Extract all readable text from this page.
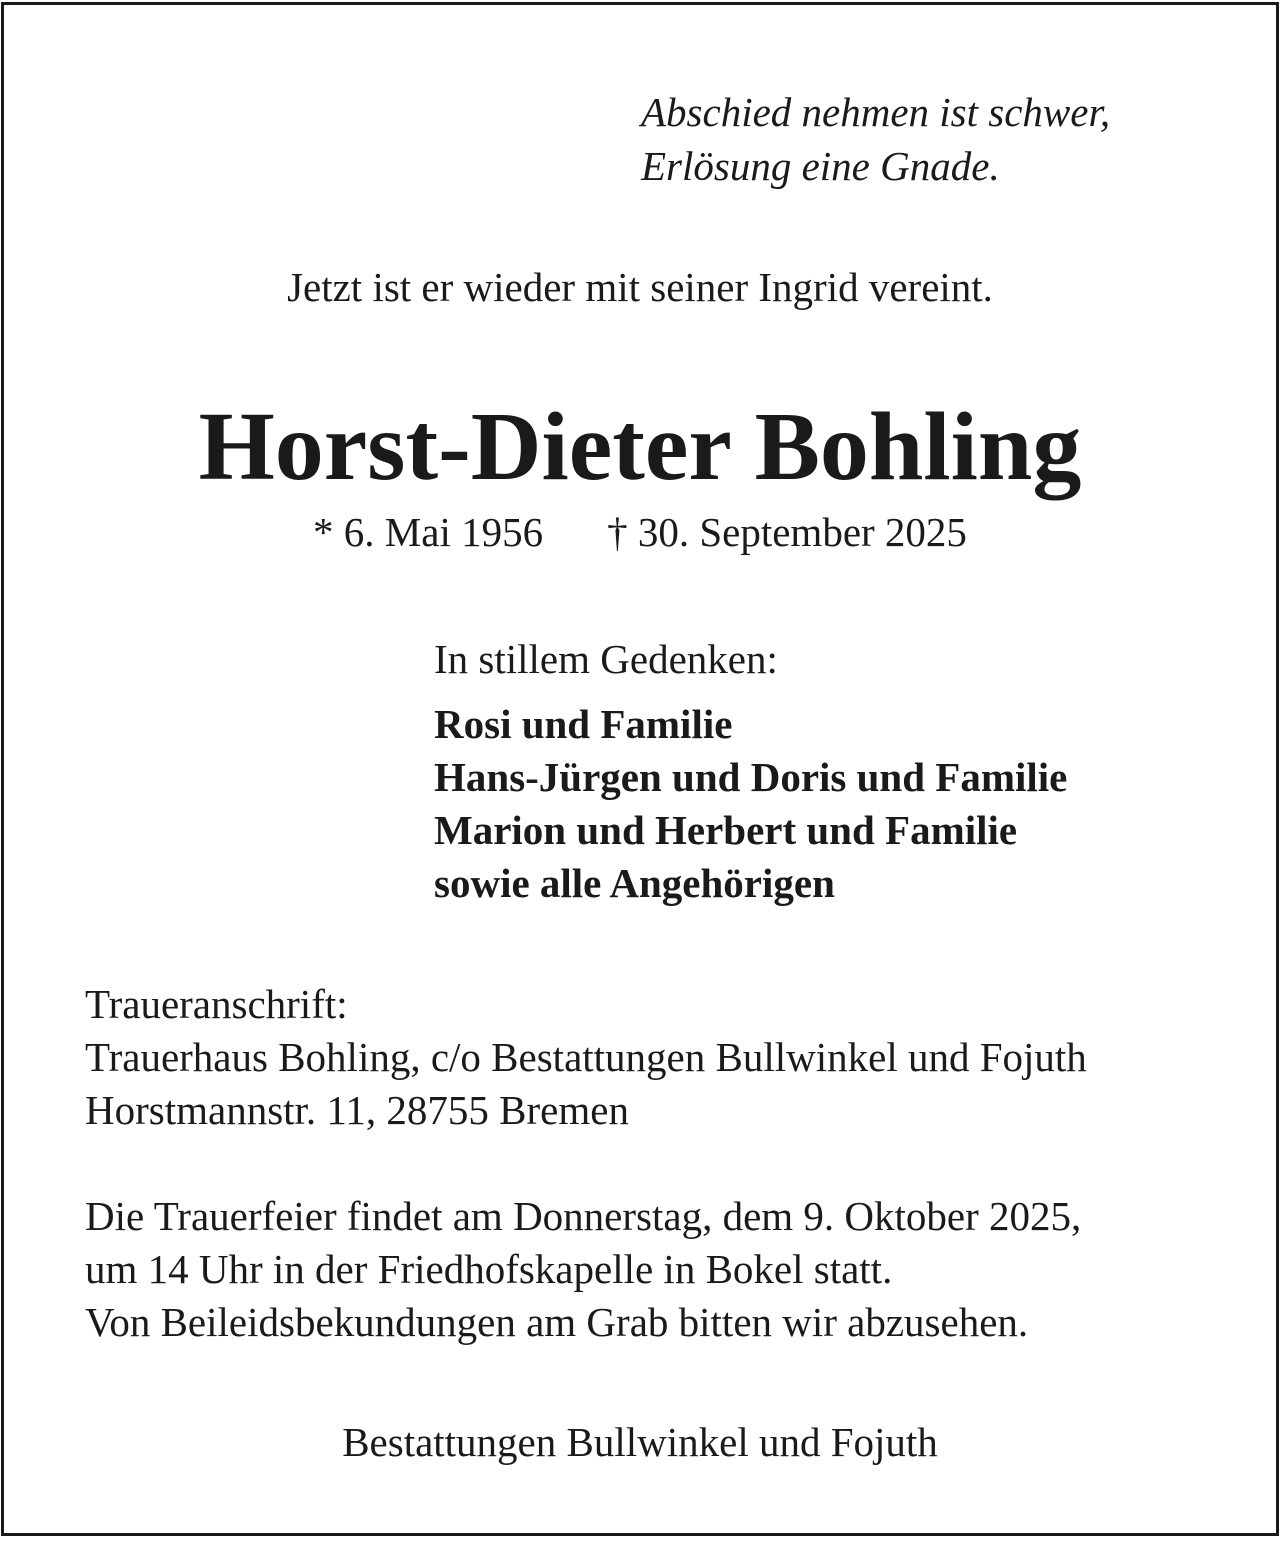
Abschied nehmen ist schwer,
Erlösung eine Gnade.
Jetzt ist er wieder mit seiner Ingrid vereint.
Horst-Dieter Bohling
* 6. Mai 1956 † 30. September 2025
In stillem Gedenken:
Rosi und Familie
Hans-Jürgen und Doris und Familie
Marion und Herbert und Familie
sowie alle Angehörigen
Traueranschrift:
Trauerhaus Bohling, c/o Bestattungen Bullwinkel und Fojuth
Horstmannstr. 11, 28755 Bremen
Die Trauerfeier findet am Donnerstag, dem 9. Oktober 2025,
um 14 Uhr in der Friedhofskapelle in Bokel statt.
Von Beileidsbekundungen am Grab bitten wir abzusehen.
Bestattungen Bullwinkel und Fojuth
